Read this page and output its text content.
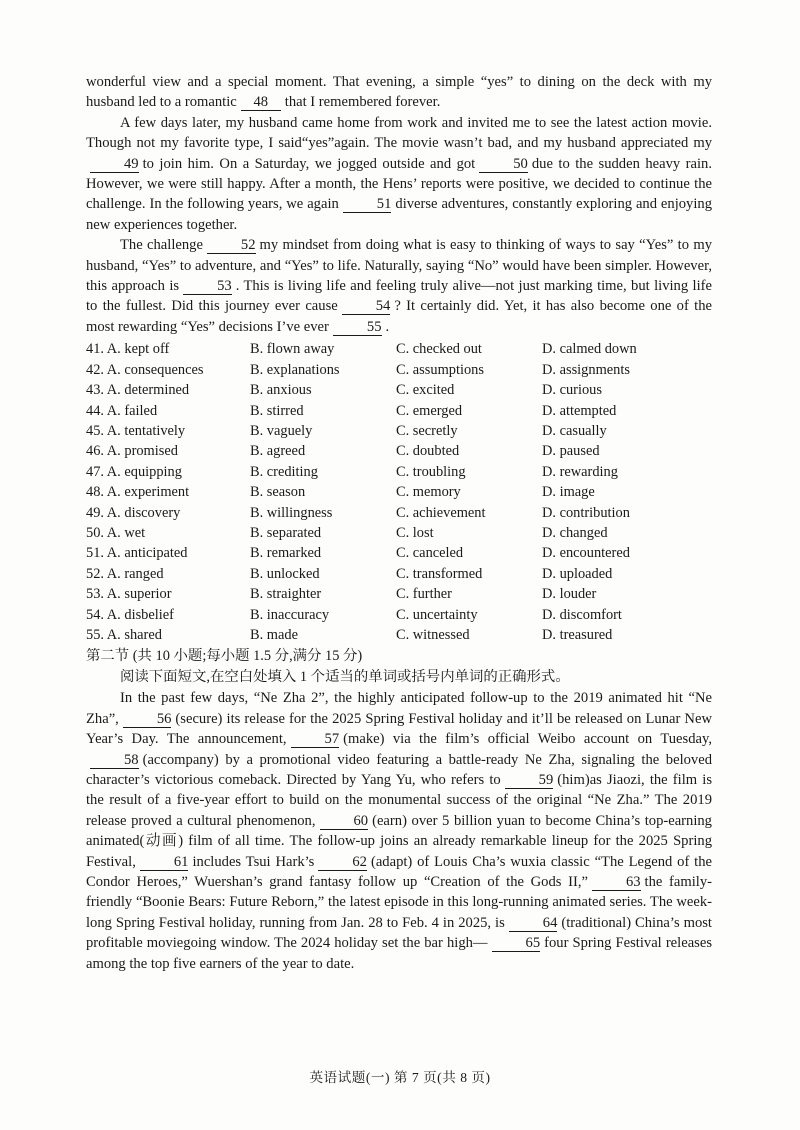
wonderful view and a special moment. That evening, a simple “yes” to dining on the deck with my husband led to a romantic 48 that I remembered forever.

A few days later, my husband came home from work and invited me to see the latest action movie. Though not my favorite type, I said“yes”again. The movie wasn’t bad, and my husband appreciated my49 to join him. On a Saturday, we jogged outside and got	50 due to the sudden heavy rain. However, we were still happy. After a month, the Hens’ reports were positive, we decided to continue the challenge. In the following years, we again	51 diverse adventures, constantly exploring and enjoying new experiences together.

The challenge	52 my mindset from doing what is easy to thinking of ways to say “Yes” to my husband, “Yes” to adventure, and “Yes” to life. Naturally, saying “No” would have been simpler. However, this approach is	53 . This is living life and feeling truly alive—not just marking time, but living life to the fullest. Did this journey ever cause	54 ? It certainly did. Yet, it has also become one of the most rewarding “Yes” decisions I’ve ever	55 .

41. A. kept off	B. flown away	C. checked out	D. calmed down
42. A. consequences	B. explanations	C. assumptions	D. assignments
43. A. determined	B. anxious	C. excited	D. curious
44. A. failed	B. stirred	C. emerged	D. attempted
45. A. tentatively	B. vaguely	C. secretly	D. casually
46. A. promised	B. agreed	C. doubted	D. paused
47. A. equipping	B. crediting	C. troubling	D. rewarding
48. A. experiment	B. season	C. memory	D. image
49. A. discovery	B. willingness	C. achievement	D. contribution
50. A. wet	B. separated	C. lost	D. changed
51. A. anticipated	B. remarked	C. canceled	D. encountered
52. A. ranged	B. unlocked	C. transformed	D. uploaded
53. A. superior	B. straighter	C. further	D. louder
54. A. disbelief	B. inaccuracy	C. uncertainty	D. discomfort
55. A. shared	B. made	C. witnessed	D. treasured
第二节 (共 10 小题;每小题 1.5 分,满分 15 分)
阅读下面短文,在空白处填入 1 个适当的单词或括号内单词的正确形式。

In the past few days, “Ne Zha 2”, the highly anticipated follow-up to the 2019 animated hit “Ne Zha”,	56 (secure) its release for the 2025 Spring Festival holiday and it’ll be released on Lunar New Year’s Day. The announcement,	57 (make) via the film’s official Weibo account on Tuesday,58 (accompany) by a promotional video featuring a battle-ready Ne Zha, signaling the beloved character’s victorious comeback. Directed by Yang Yu, who refers to	59 (him)as Jiaozi, the film is the result of a five-year effort to build on the monumental success of the original “Ne Zha.” The 2019 release proved a cultural phenomenon,	60 (earn) over 5 billion yuan to become China’s top-earning animated(动画) film of all time. The follow-up joins an already remarkable lineup for the 2025 Spring Festival,	61 includes Tsui Hark’s	62 (adapt) of Louis Cha’s wuxia classic “The Legend of the Condor Heroes,” Wuershan’s grand fantasy follow up “Creation of the Gods II,”	63 the family-friendly “Boonie Bears: Future Reborn,” the latest episode in this long-running animated series. The week-long Spring Festival holiday, running from Jan. 28 to Feb. 4 in 2025, is	64 (traditional) China’s most profitable moviegoing window. The 2024 holiday set the bar high—	65 four Spring Festival releases among the top five earners of the year to date.

英语试题(一) 第 7 页(共 8 页)
